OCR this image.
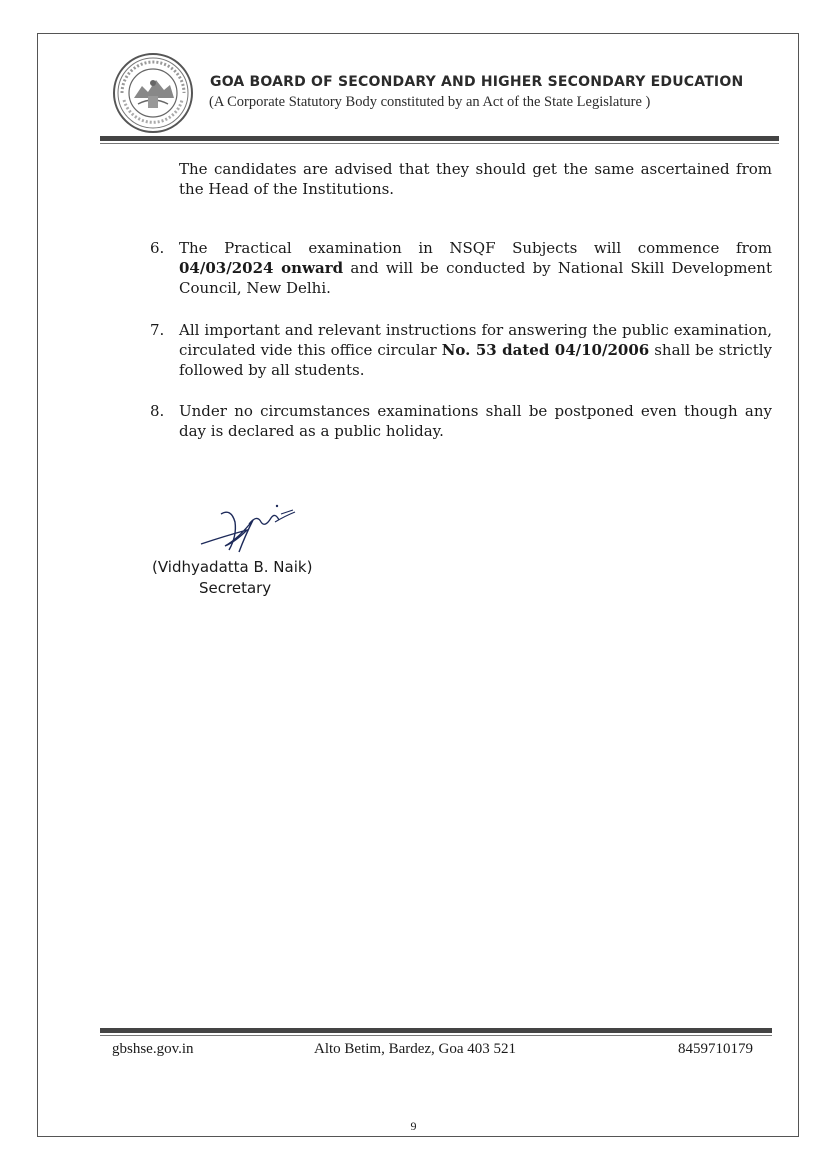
GOA BOARD OF SECONDARY AND HIGHER SECONDARY EDUCATION
(A Corporate Statutory Body constituted by an Act of the State Legislature )
The candidates are advised that they should get the same ascertained from the Head of the Institutions.
6. The Practical examination in NSQF Subjects will commence from 04/03/2024 onward and will be conducted by National Skill Development Council, New Delhi.
7. All important and relevant instructions for answering the public examination, circulated vide this office circular No. 53 dated 04/10/2006 shall be strictly followed by all students.
8. Under no circumstances examinations shall be postponed even though any day is declared as a public holiday.
(Vidhyadatta B. Naik)
Secretary
gbshse.gov.in	Alto Betim, Bardez, Goa 403 521	8459710179
9
